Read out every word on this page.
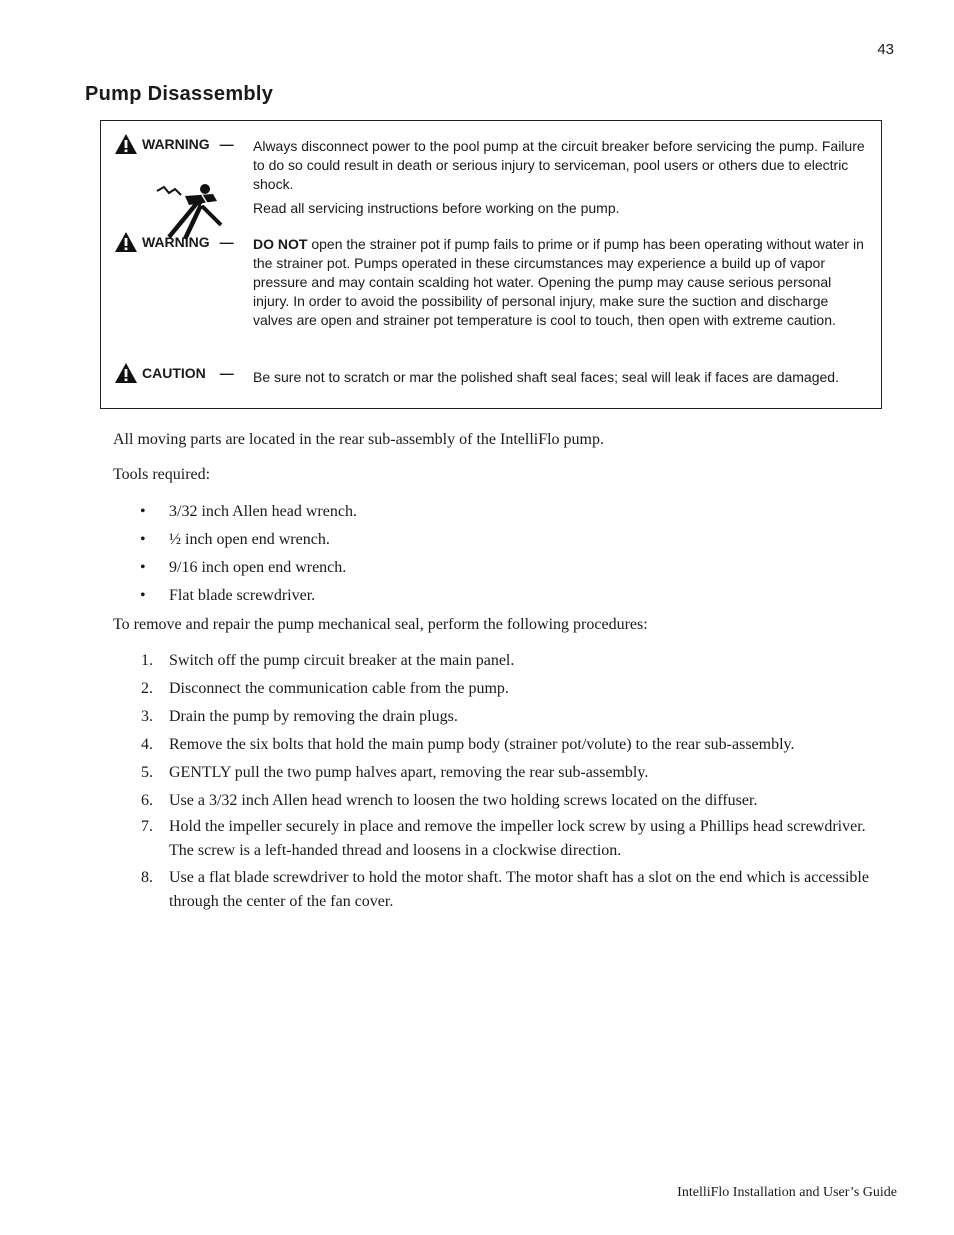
43
Pump Disassembly
WARNING — Always disconnect power to the pool pump at the circuit breaker before servicing the pump. Failure to do so could result in death or serious injury to serviceman, pool users or others due to electric shock.

Read all servicing instructions before working on the pump.

WARNING — DO NOT open the strainer pot if pump fails to prime or if pump has been operating without water in the strainer pot. Pumps operated in these circumstances may experience a build up of vapor pressure and may contain scalding hot water. Opening the pump may cause serious personal injury. In order to avoid the possibility of personal injury, make sure the suction and discharge valves are open and strainer pot temperature is cool to touch, then open with extreme caution.

CAUTION — Be sure not to scratch or mar the polished shaft seal faces; seal will leak if faces are damaged.

All moving parts are located in the rear sub-assembly of the IntelliFlo pump.

Tools required:

• 3/32 inch Allen head wrench.
• ½ inch open end wrench.
• 9/16 inch open end wrench.
• Flat blade screwdriver.

To remove and repair the pump mechanical seal, perform the following procedures:

1. Switch off the pump circuit breaker at the main panel.
2. Disconnect the communication cable from the pump.
3. Drain the pump by removing the drain plugs.
4. Remove the six bolts that hold the main pump body (strainer pot/volute) to the rear sub-assembly.
5. GENTLY pull the two pump halves apart, removing the rear sub-assembly.
6. Use a 3/32 inch Allen head wrench to loosen the two holding screws located on the diffuser.
7. Hold the impeller securely in place and remove the impeller lock screw by using a Phillips head screwdriver. The screw is a left-handed thread and loosens in a clockwise direction.
8. Use a flat blade screwdriver to hold the motor shaft. The motor shaft has a slot on the end which is accessible through the center of the fan cover.
IntelliFlo Installation and User’s Guide
